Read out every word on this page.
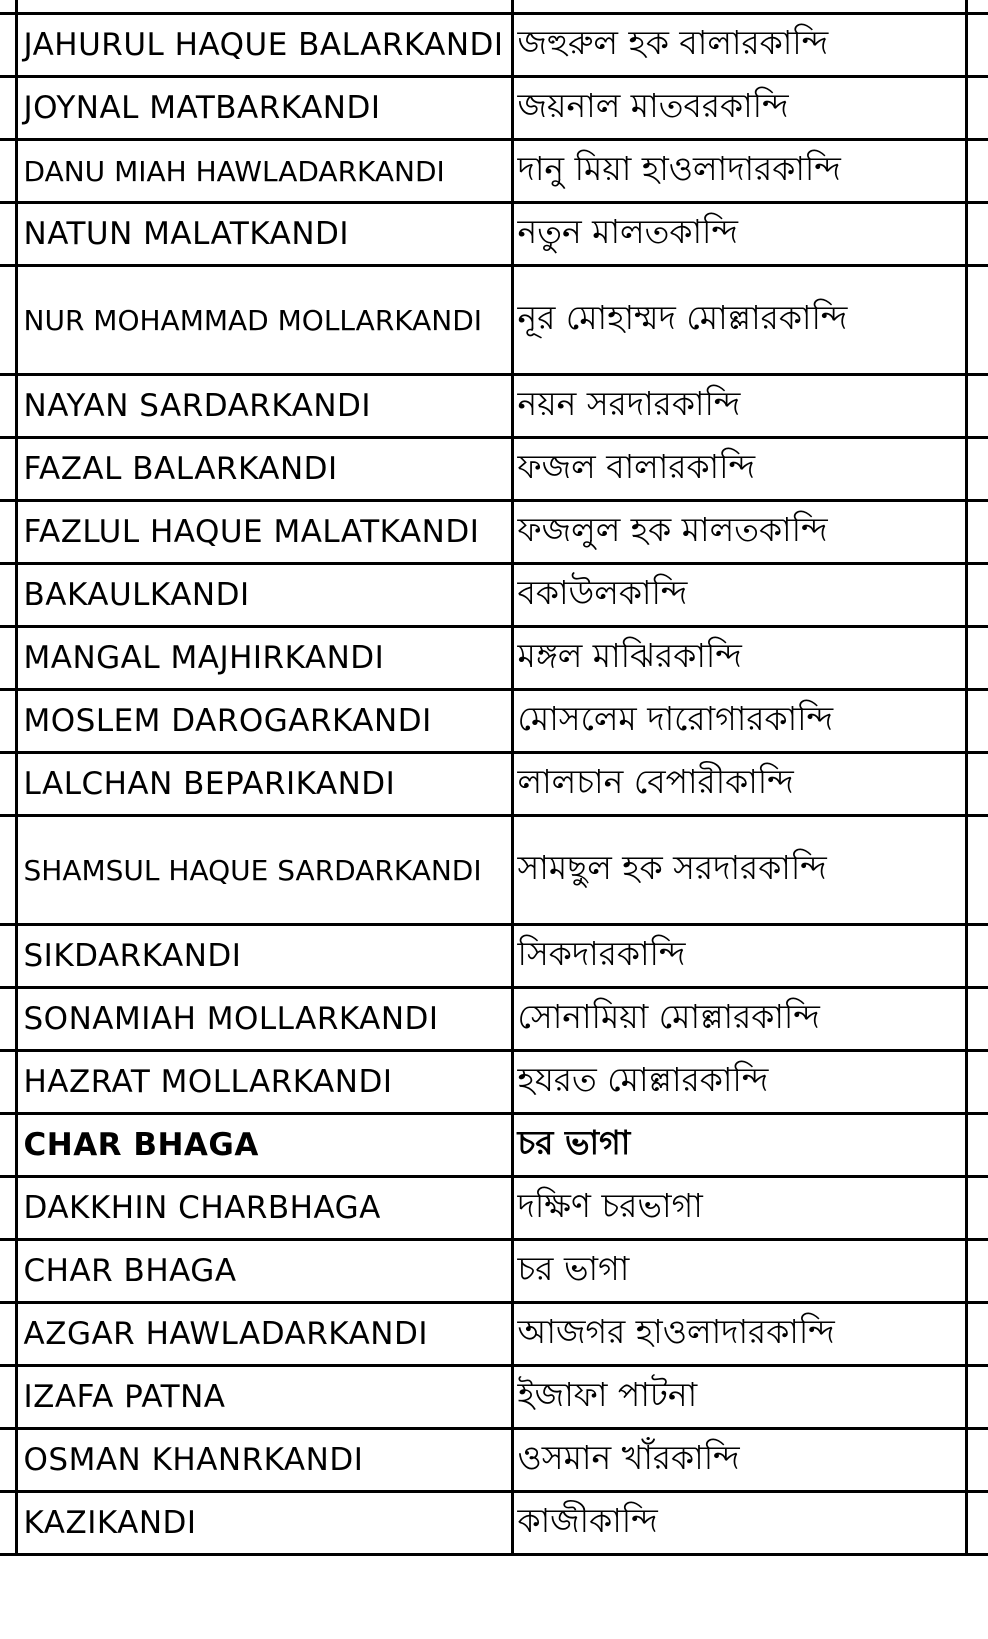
	JAHURUL HAQUE BALARKANDI	জহুরুল হক বালারকান্দি	
	JOYNAL MATBARKANDI	জয়নাল মাতবরকান্দি	
	DANU MIAH HAWLADARKANDI	দানু মিয়া হাওলাদারকান্দি	
	NATUN MALATKANDI	নতুন মালতকান্দি	
	NUR MOHAMMAD MOLLARKANDI	নূর মোহাম্মদ মোল্লারকান্দি	
	NAYAN SARDARKANDI	নয়ন সরদারকান্দি	
	FAZAL BALARKANDI	ফজল বালারকান্দি	
	FAZLUL HAQUE MALATKANDI	ফজলুল হক মালতকান্দি	
	BAKAULKANDI	বকাউলকান্দি	
	MANGAL MAJHIRKANDI	মঙ্গল মাঝিরকান্দি	
	MOSLEM DAROGARKANDI	মোসলেম দারোগারকান্দি	
	LALCHAN BEPARIKANDI	লালচান বেপারীকান্দি	
	SHAMSUL HAQUE SARDARKANDI	সামছুল হক সরদারকান্দি	
	SIKDARKANDI	সিকদারকান্দি	
	SONAMIAH MOLLARKANDI	সোনামিয়া মোল্লারকান্দি	
	HAZRAT MOLLARKANDI	হযরত মোল্লারকান্দি	
	CHAR BHAGA	চর ভাগা	
	DAKKHIN CHARBHAGA	দক্ষিণ চরভাগা	
	CHAR BHAGA	চর ভাগা	
	AZGAR HAWLADARKANDI	আজগর হাওলাদারকান্দি	
	IZAFA PATNA	ইজাফা পাটনা	
	OSMAN KHANRKANDI	ওসমান খাঁরকান্দি	
	KAZIKANDI	কাজীকান্দি	
